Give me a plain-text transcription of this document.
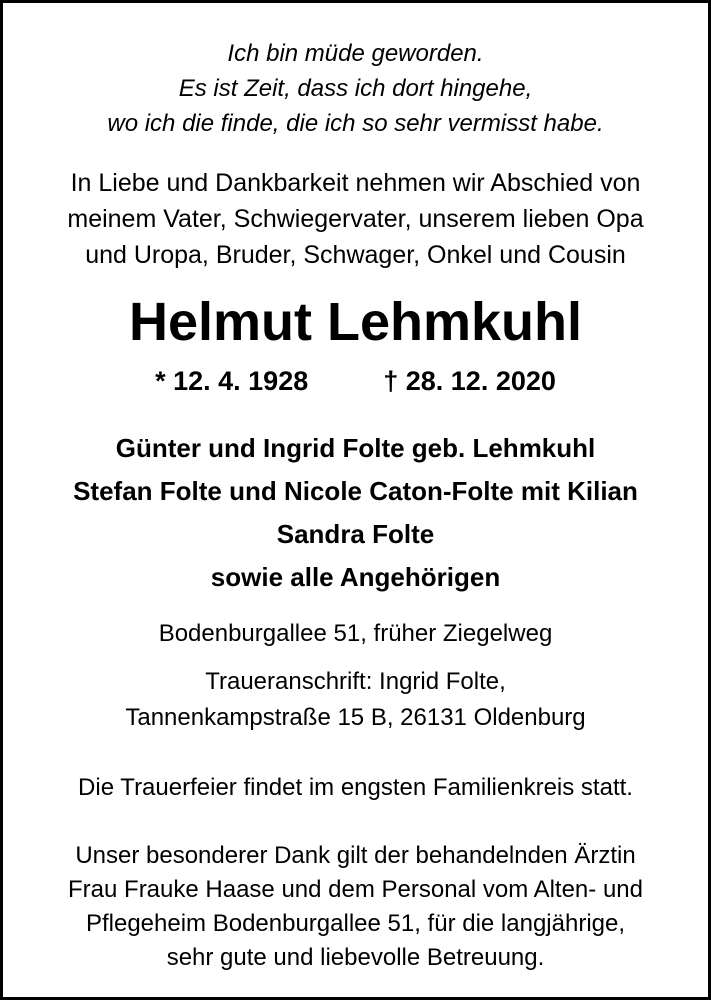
Ich bin müde geworden.
Es ist Zeit, dass ich dort hingehe,
wo ich die finde, die ich so sehr vermisst habe.
In Liebe und Dankbarkeit nehmen wir Abschied von
meinem Vater, Schwiegervater, unserem lieben Opa
und Uropa, Bruder, Schwager, Onkel und Cousin
Helmut Lehmkuhl
* 12. 4. 1928	† 28. 12. 2020
Günter und Ingrid Folte geb. Lehmkuhl
Stefan Folte und Nicole Caton-Folte mit Kilian
Sandra Folte
sowie alle Angehörigen
Bodenburgallee 51, früher Ziegelweg
Traueranschrift: Ingrid Folte,
Tannenkampstraße 15 B, 26131 Oldenburg
Die Trauerfeier findet im engsten Familienkreis statt.
Unser besonderer Dank gilt der behandelnden Ärztin
Frau Frauke Haase und dem Personal vom Alten- und
Pflegeheim Bodenburgallee 51, für die langjährige,
sehr gute und liebevolle Betreuung.
